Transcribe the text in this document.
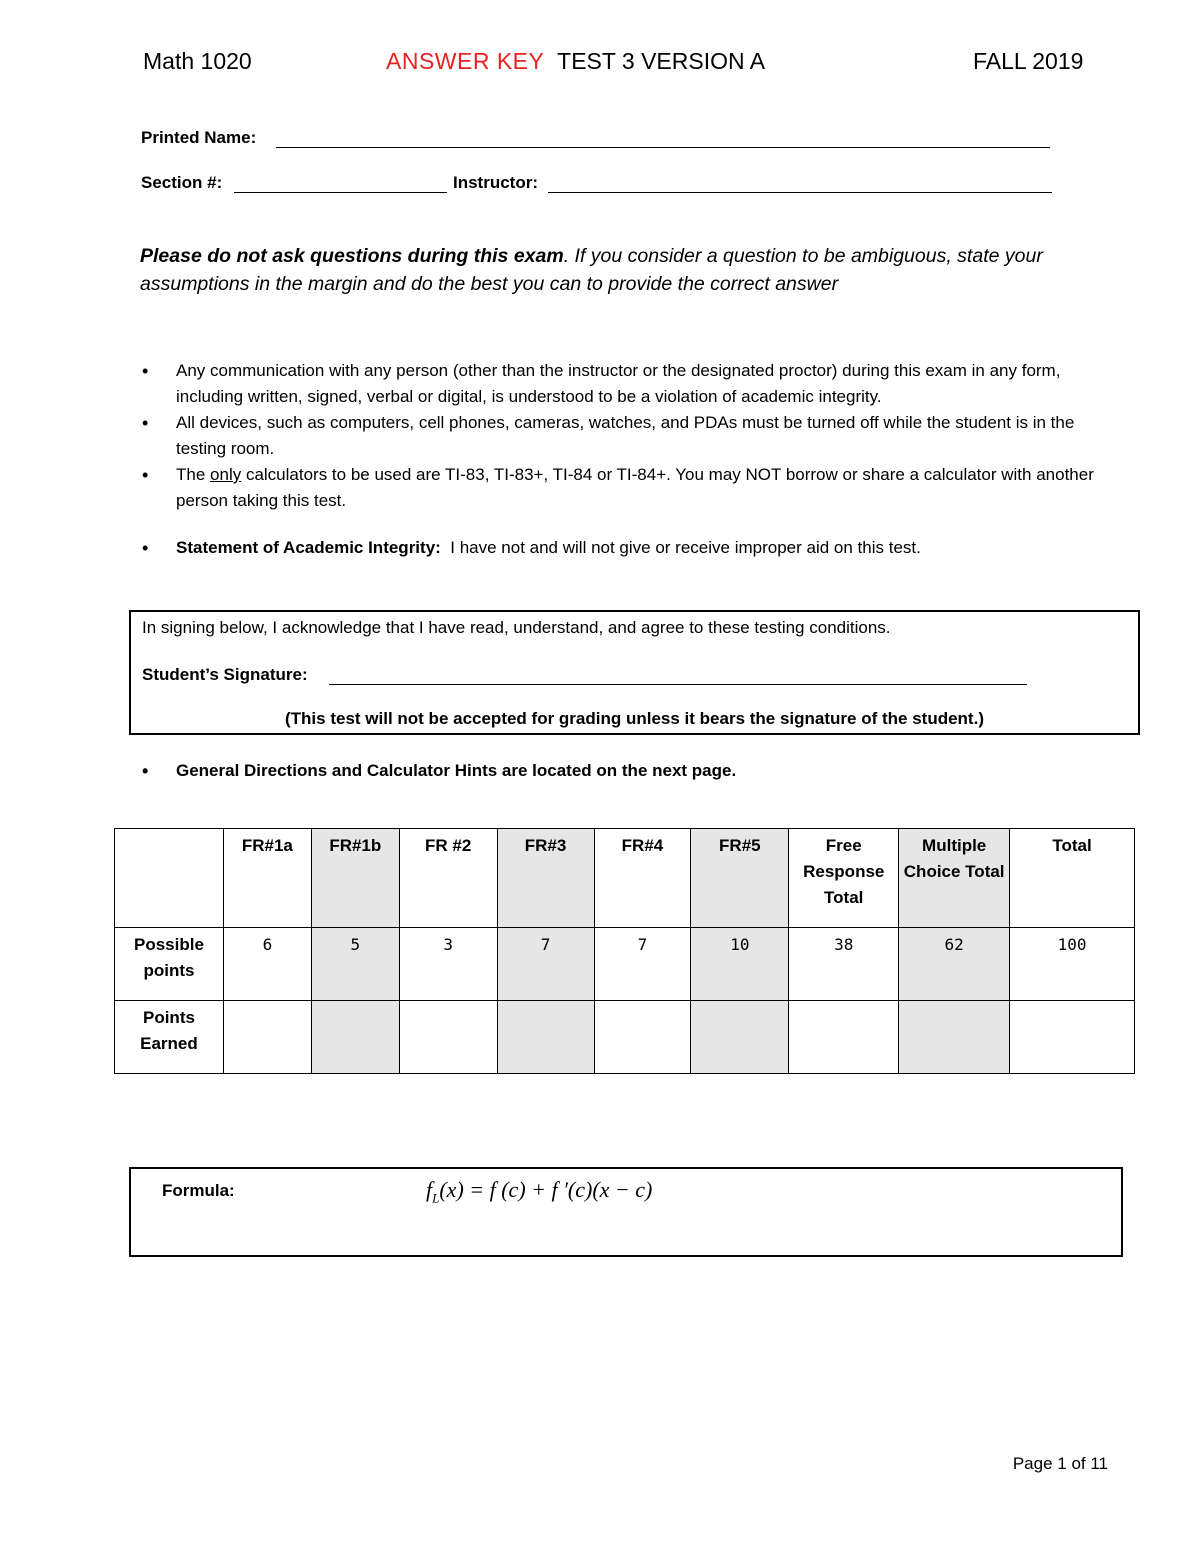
Math 1020	ANSWER KEY TEST 3 VERSION A	FALL 2019
Printed Name:
Section #:	Instructor:
Please do not ask questions during this exam. If you consider a question to be ambiguous, state your assumptions in the margin and do the best you can to provide the correct answer
• Any communication with any person (other than the instructor or the designated proctor) during this exam in any form, including written, signed, verbal or digital, is understood to be a violation of academic integrity.
• All devices, such as computers, cell phones, cameras, watches, and PDAs must be turned off while the student is in the testing room.
• The only calculators to be used are TI-83, TI-83+, TI-84 or TI-84+. You may NOT borrow or share a calculator with another person taking this test.
• Statement of Academic Integrity:  I have not and will not give or receive improper aid on this test.
In signing below, I acknowledge that I have read, understand, and agree to these testing conditions.
Student’s Signature:
(This test will not be accepted for grading unless it bears the signature of the student.)
• General Directions and Calculator Hints are located on the next page.
	FR#1a	FR#1b	FR #2	FR#3	FR#4	FR#5	Free Response Total	Multiple Choice Total	Total
Possible points	6	5	3	7	7	10	38	62	100
Points Earned									
Formula:	$f_L(x) = f$ (c) + f ′(c)(x − c)
Page 1 of 11
